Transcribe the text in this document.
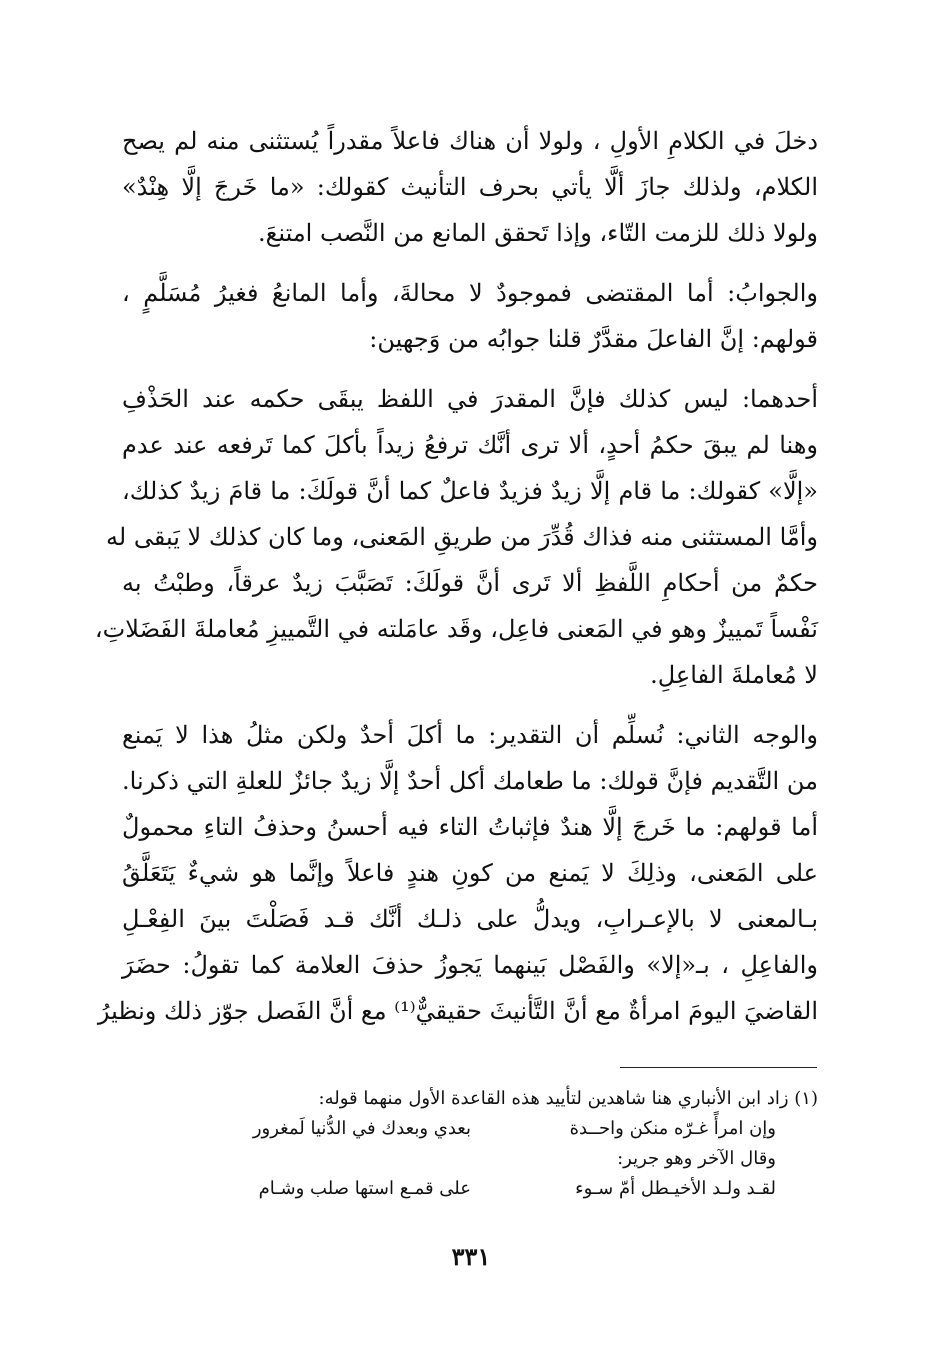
دخلَ في الكلامِ الأولِ ، ولولا أن هناك فاعلاً مقدراً يُستثنى منه لم يصح
الكلام، ولذلك جازَ ألَّا يأتي بحرف التأنيث كقولك: «ما خَرجَ إلَّا هِنْدٌ»
ولولا ذلك للزمت التّاء، وإذا تَحقق المانع من النَّصب امتنعَ.

والجوابُ: أما المقتضى فموجودٌ لا محالةَ، وأما المانعُ فغيرُ مُسَلَّمٍ ،
قولهم: إنَّ الفاعلَ مقدَّرٌ قلنا جوابُه من وَجهين:

أحدهما: ليس كذلك فإنَّ المقدرَ في اللفظ يبقَى حكمه عند الحَذْفِ
وهنا لم يبقَ حكمُ أحدٍ، ألا ترى أنَّك ترفعُ زيداً بأكلَ كما تَرفعه عند عدم
«إلَّا» كقولك: ما قام إلَّا زيدٌ فزيدٌ فاعلٌ كما أنَّ قولَكَ: ما قامَ زيدٌ كذلك،
وأمَّا المستثنى منه فذاك قُدِّرَ من طريقِ المَعنى، وما كان كذلك لا يَبقى له
حكمٌ من أحكامِ اللَّفظِ ألا تَرى أنَّ قولَكَ: تَصَبَّبَ زيدٌ عرقاً، وطبْتُ به
نَفْساً تَمييزٌ وهو في المَعنى فاعِل، وقَد عامَلته في التَّمييزِ مُعاملةَ الفَضَلاتِ،
لا مُعاملةَ الفاعِلِ.

والوجه الثاني: نُسلِّم أن التقدير: ما أكلَ أحدٌ ولكن مثلُ هذا لا يَمنع
من التَّقديم فإنَّ قولك: ما طعامك أكل أحدٌ إلَّا زيدٌ جائزٌ للعلةِ التي ذكرنا.
أما قولهم: ما خَرجَ إلَّا هندٌ فإثباتُ التاء فيه أحسنُ وحذفُ التاءِ محمولٌ
على المَعنى، وذلِكَ لا يَمنع من كونِ هندٍ فاعلاً وإنَّما هو شيءٌ يَتَعَلَّقُ
بـالمعنى لا بالإعـرابِ، ويدلُّ على ذلـك أنَّك قـد فَصَلْتَ بينَ الفِعْـلِ
والفاعِلِ ، بـ«إلا» والفَصْل بَينهما يَجوزُ حذفَ العلامة كما تقولُ: حضَرَ
القاضيَ اليومَ امرأةٌ مع أنَّ التَّأنيثَ حقيقيٌّ⁽¹⁾ مع أنَّ الفَصل جوّز ذلك ونظيرُ

(١) زاد ابن الأنباري هنا شاهدين لتأييد هذه القاعدة الأول منهما قوله:
وإن امرأً غـرّه منكن واحــدة
بعدي وبعدك في الدُّنيا لَمغرور
وقال الآخر وهو جرير:
لقـد ولـد الأخيـطل أمّ سـوء
على قمـع استها صلب وشـام
٣٣١
